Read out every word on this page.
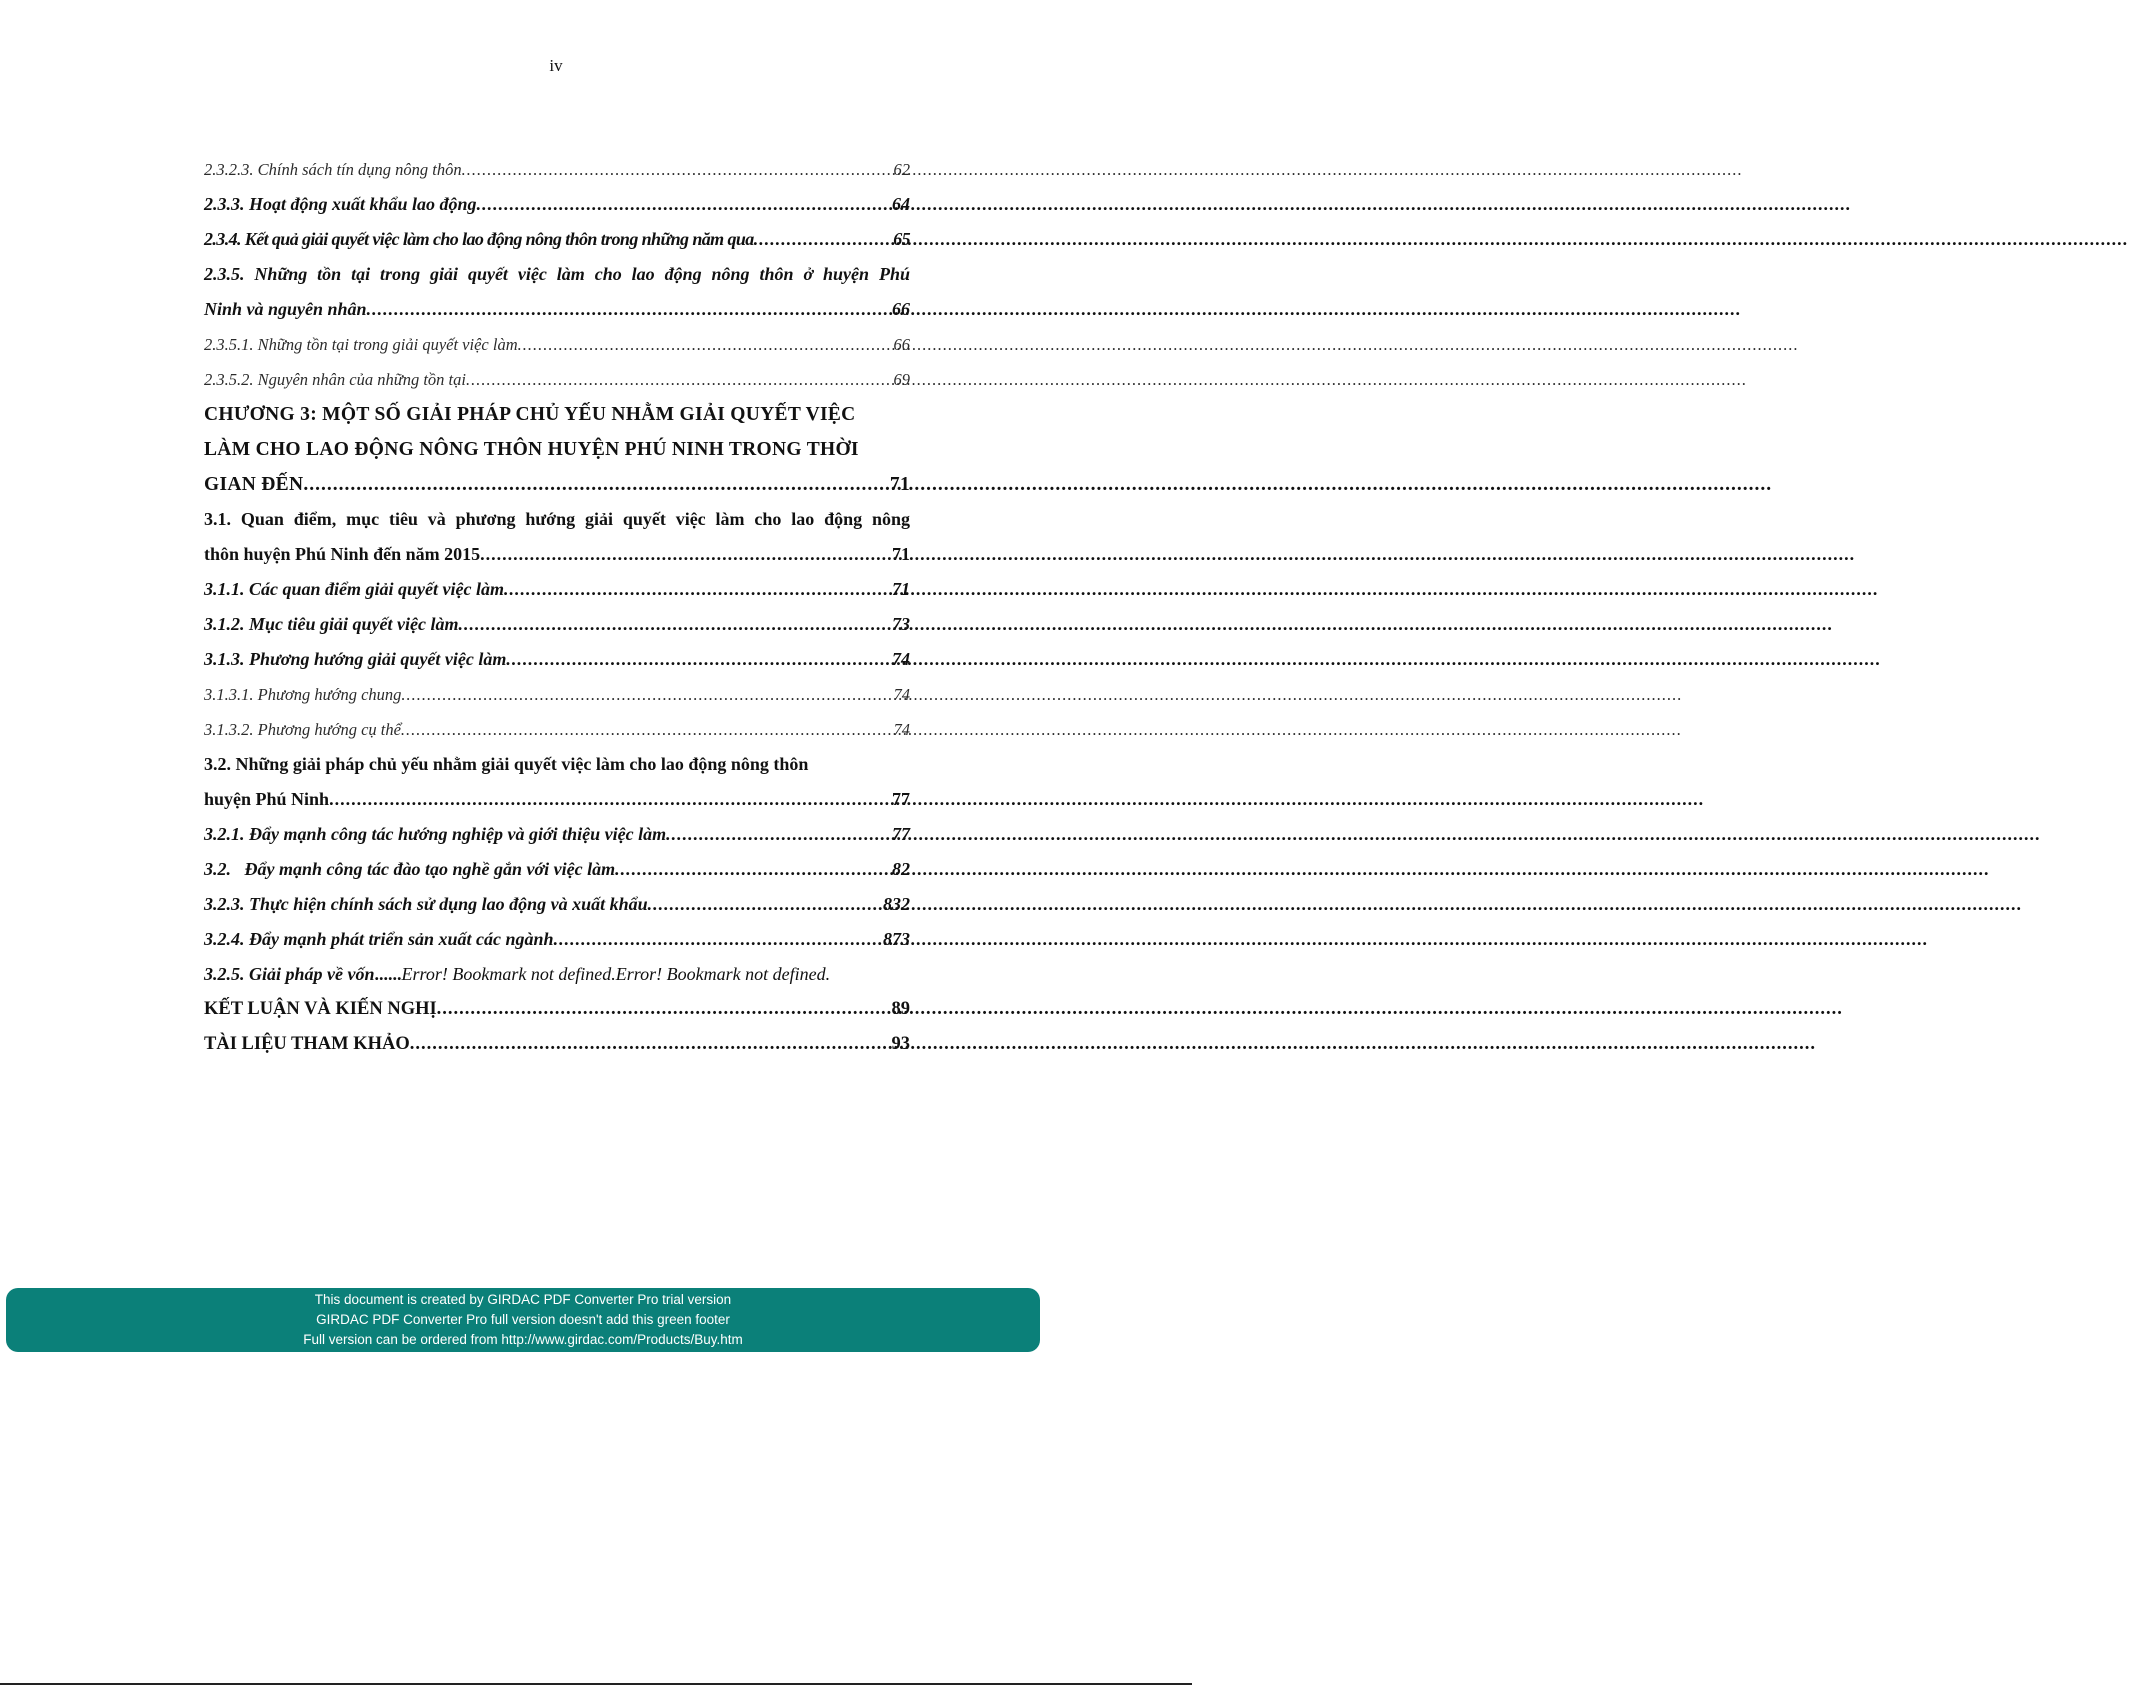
iv
2.3.2.3. Chính sách tín dụng nông thôn .....	62
2.3.3. Hoạt động xuất khẩu lao động .....	64
2.3.4. Kết quả giải quyết việc làm cho lao động nông thôn trong những năm qua .....	65
2.3.5. Những tồn tại trong giải quyết việc làm cho lao động nông thôn ở huyện Phú
Ninh và nguyên nhân .....	66
2.3.5.1. Những tồn tại trong giải quyết việc làm .....	66
2.3.5.2. Nguyên nhân của những tồn tại .....	69
CHƯƠNG 3: MỘT SỐ GIẢI PHÁP CHỦ YẾU NHẰM GIẢI QUYẾT VIỆC
LÀM CHO LAO ĐỘNG NÔNG THÔN HUYỆN PHÚ NINH TRONG THỜI
GIAN ĐẾN .....	71
3.1. Quan điểm, mục tiêu và phương hướng giải quyết việc làm cho lao động nông
thôn huyện Phú Ninh đến năm 2015 .....	71
3.1.1. Các quan điểm giải quyết việc làm .....	71
3.1.2. Mục tiêu giải quyết việc làm .....	73
3.1.3. Phương hướng giải quyết việc làm .....	74
3.1.3.1. Phương hướng chung .....	74
3.1.3.2. Phương hướng cụ thể .....	74
3.2. Những giải pháp chủ yếu nhằm giải quyết việc làm cho lao động nông thôn
huyện Phú Ninh .....	77
3.2.1. Đẩy mạnh công tác hướng nghiệp và giới thiệu việc làm .....	77
3.2.   Đẩy mạnh công tác đào tạo nghề gắn với việc làm .....	82
3.2.3. Thực hiện chính sách sử dụng lao động và xuất khẩu .....	832
3.2.4. Đẩy mạnh phát triển sản xuất các ngành .....	873
3.2.5. Giải pháp về vốn ...... Error! Bookmark not defined.Error! Bookmark not defined.
KẾT LUẬN VÀ KIẾN NGHỊ .....	89
TÀI LIỆU THAM KHẢO .....	93
This document is created by GIRDAC PDF Converter Pro trial version
GIRDAC PDF Converter Pro full version doesn't add this green footer
Full version can be ordered from http://www.girdac.com/Products/Buy.htm
